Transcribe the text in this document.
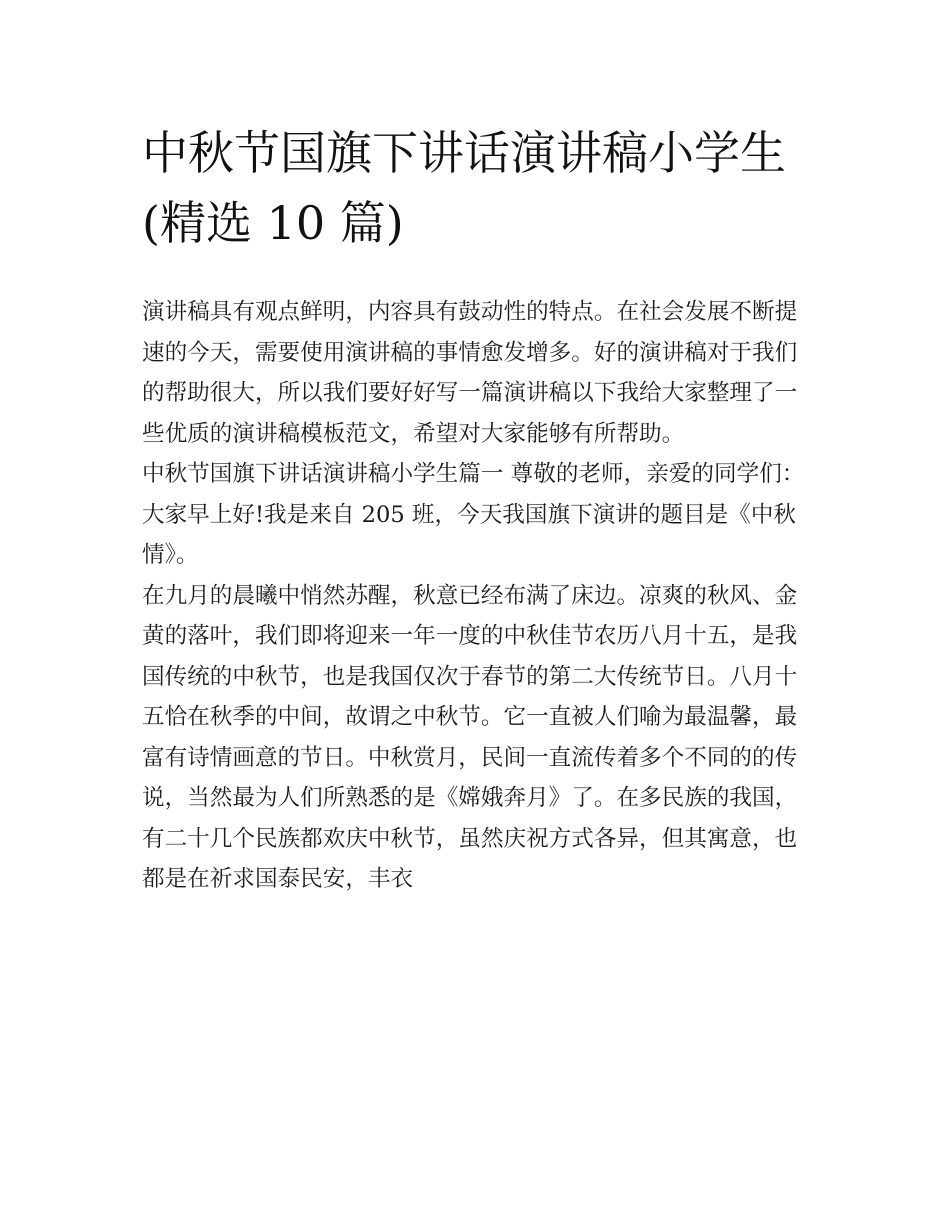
中秋节国旗下讲话演讲稿小学生(精选 10 篇)

演讲稿具有观点鲜明，内容具有鼓动性的特点。在社会发展不断提速的今天，需要使用演讲稿的事情愈发增多。好的演讲稿对于我们的帮助很大，所以我们要好好写一篇演讲稿以下我给大家整理了一些优质的演讲稿模板范文，希望对大家能够有所帮助。

中秋节国旗下讲话演讲稿小学生篇一 尊敬的老师，亲爱的同学们： 大家早上好!我是来自 205 班，今天我国旗下演讲的题目是《中秋情》。

在九月的晨曦中悄然苏醒，秋意已经布满了床边。凉爽的秋风、金黄的落叶，我们即将迎来一年一度的中秋佳节农历八月十五，是我国传统的中秋节，也是我国仅次于春节的第二大传统节日。八月十五恰在秋季的中间，故谓之中秋节。它一直被人们喻为最温馨，最富有诗情画意的节日。中秋赏月，民间一直流传着多个不同的的传说，当然最为人们所熟悉的是《嫦娥奔月》了。在多民族的我国，有二十几个民族都欢庆中秋节，虽然庆祝方式各异，但其寓意，也都是在祈求国泰民安，丰衣
